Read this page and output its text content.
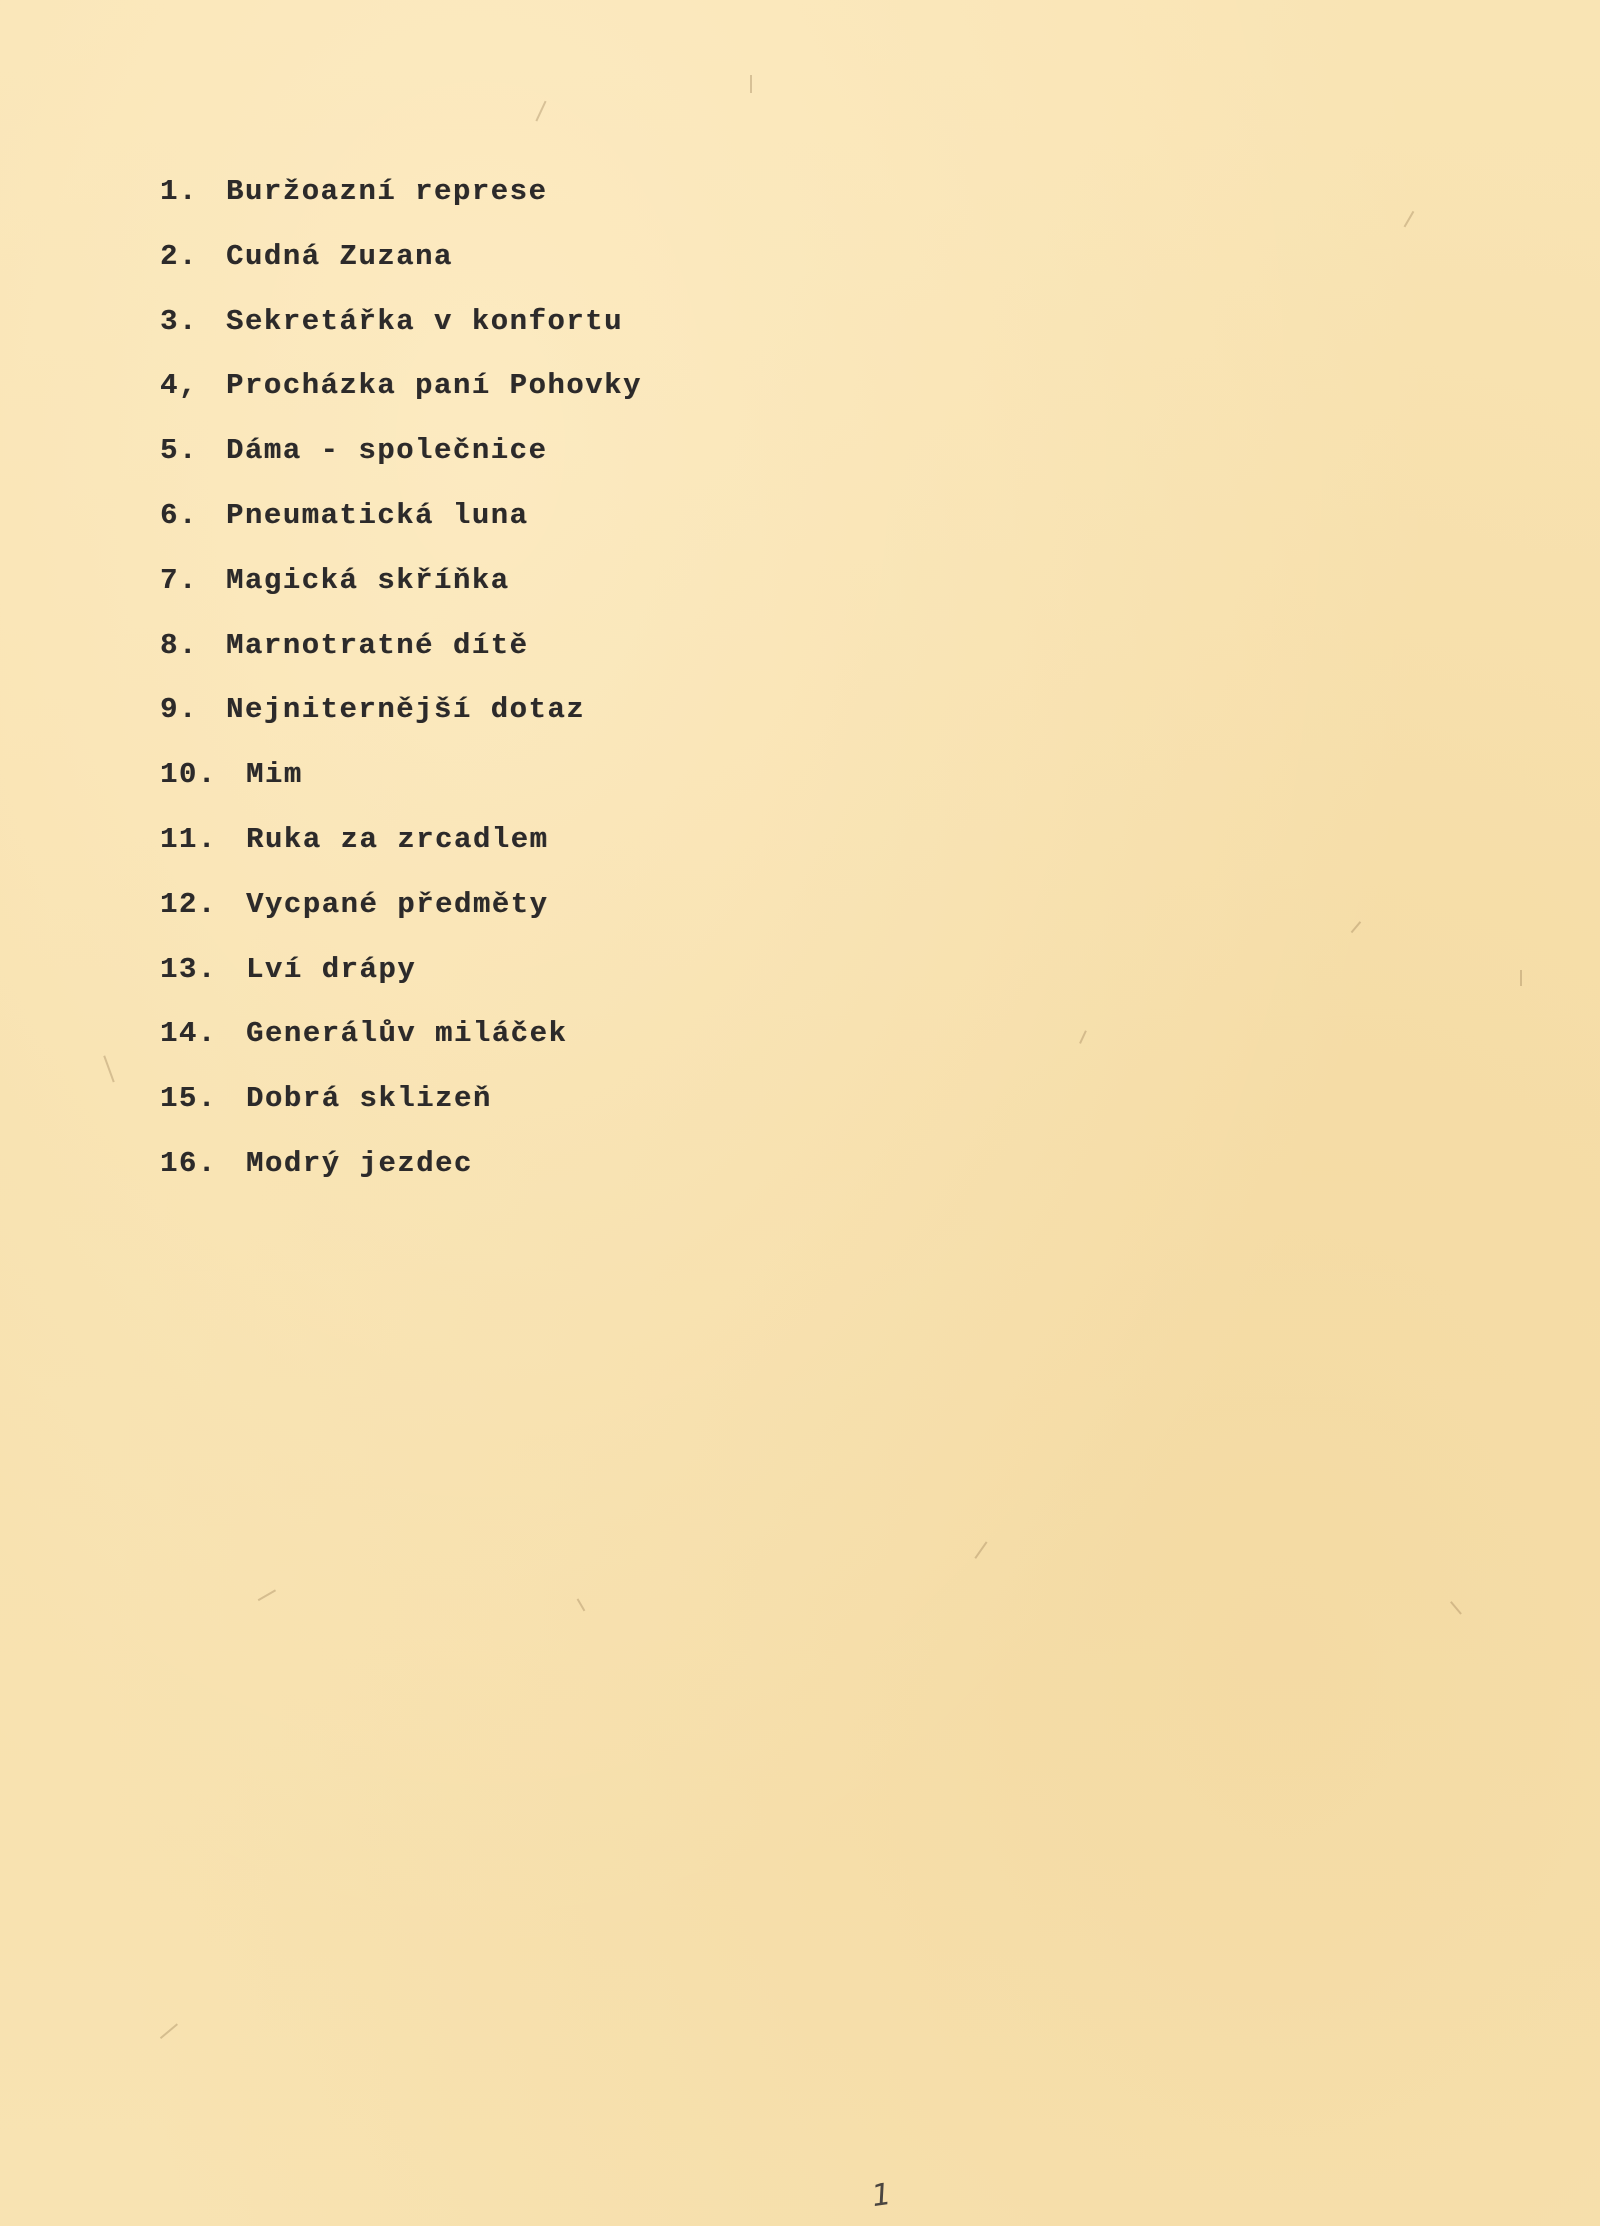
1. Buržoazní represe
2. Cudná Zuzana
3. Sekretářka v konfortu
4, Procházka paní Pohovky
5. Dáma - společnice
6. Pneumatická luna
7. Magická skříňka
8. Marnotratné dítě
9. Nejniternější dotaz
10. Mim
11. Ruka za zrcadlem
12. Vycpané předměty
13. Lví drápy
14. Generálův miláček
15. Dobrá sklizeň
16. Modrý jezdec
1
